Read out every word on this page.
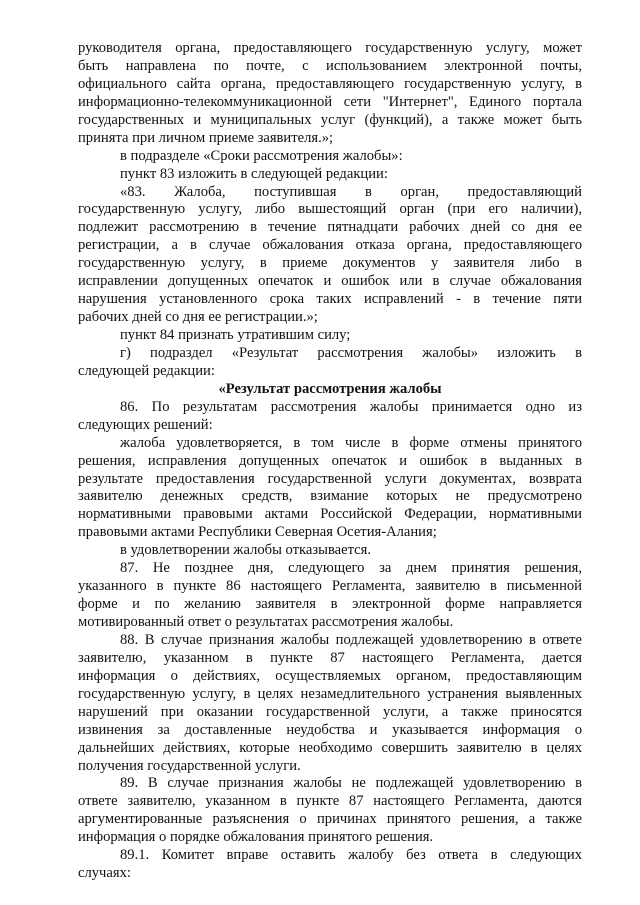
руководителя органа, предоставляющего государственную услугу, может
быть направлена по почте, с использованием электронной почты,
официального сайта органа, предоставляющего государственную услугу, в
информационно-телекоммуникационной сети "Интернет", Единого портала
государственных и муниципальных услуг (функций), а также может быть
принята при личном приеме заявителя.»;
в подразделе «Сроки рассмотрения жалобы»:
пункт 83 изложить в следующей редакции:
«83. Жалоба, поступившая в орган, предоставляющий
государственную услугу, либо вышестоящий орган (при его наличии),
подлежит рассмотрению в течение пятнадцати рабочих дней со дня ее
регистрации, а в случае обжалования отказа органа, предоставляющего
государственную услугу, в приеме документов у заявителя либо в
исправлении допущенных опечаток и ошибок или в случае обжалования
нарушения установленного срока таких исправлений - в течение пяти
рабочих дней со дня ее регистрации.»;
пункт 84 признать утратившим силу;
г) подраздел «Результат рассмотрения жалобы» изложить в
следующей редакции:
«Результат рассмотрения жалобы
86. По результатам рассмотрения жалобы принимается одно из
следующих решений:
жалоба удовлетворяется, в том числе в форме отмены принятого
решения, исправления допущенных опечаток и ошибок в выданных в
результате предоставления государственной услуги документах, возврата
заявителю денежных средств, взимание которых не предусмотрено
нормативными правовыми актами Российской Федерации, нормативными
правовыми актами Республики Северная Осетия-Алания;
в удовлетворении жалобы отказывается.
87. Не позднее дня, следующего за днем принятия решения,
указанного в пункте 86 настоящего Регламента, заявителю в письменной
форме и по желанию заявителя в электронной форме направляется
мотивированный ответ о результатах рассмотрения жалобы.
88. В случае признания жалобы подлежащей удовлетворению в ответе
заявителю, указанном в пункте 87 настоящего Регламента, дается
информация о действиях, осуществляемых органом, предоставляющим
государственную услугу, в целях незамедлительного устранения выявленных
нарушений при оказании государственной услуги, а также приносятся
извинения за доставленные неудобства и указывается информация о
дальнейших действиях, которые необходимо совершить заявителю в целях
получения государственной услуги.
89. В случае признания жалобы не подлежащей удовлетворению в
ответе заявителю, указанном в пункте 87 настоящего Регламента, даются
аргументированные разъяснения о причинах принятого решения, а также
информация о порядке обжалования принятого решения.
89.1. Комитет вправе оставить жалобу без ответа в следующих
случаях:
